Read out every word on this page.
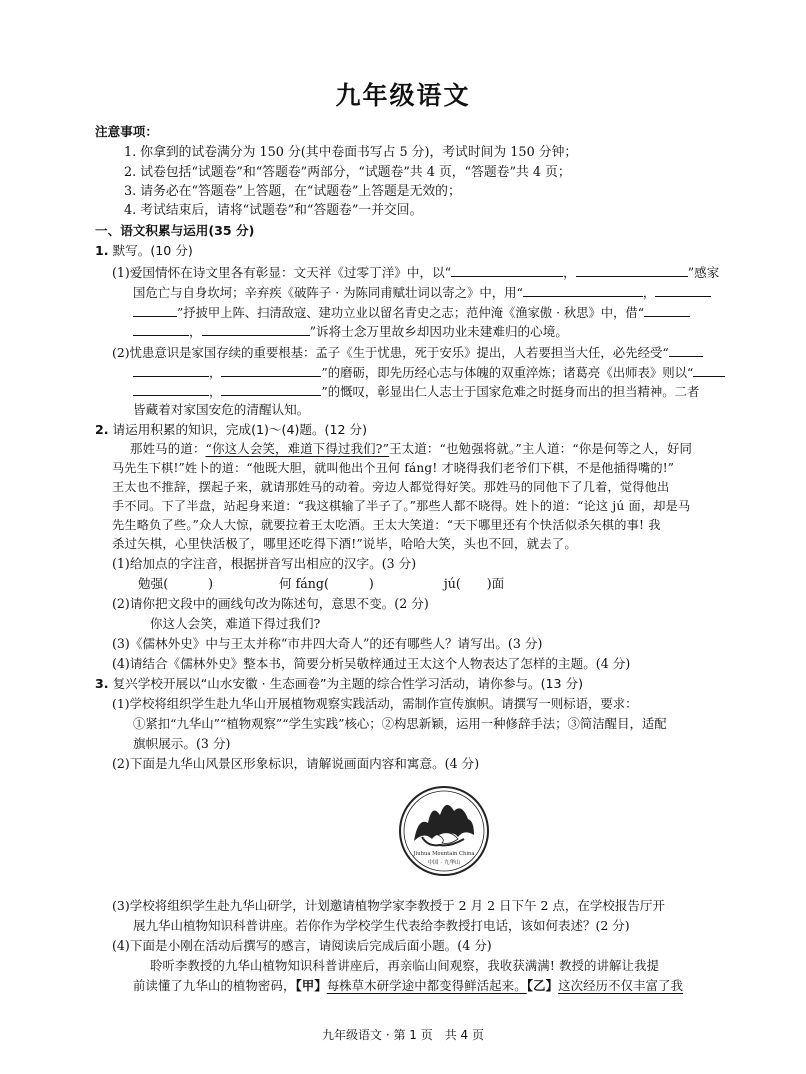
九年级语文
注意事项：
1. 你拿到的试卷满分为 150 分(其中卷面书写占 5 分)，考试时间为 150 分钟；
2. 试卷包括“试题卷”和“答题卷”两部分，“试题卷”共 4 页，“答题卷”共 4 页；
3. 请务必在“答题卷”上答题，在“试题卷”上答题是无效的；
4. 考试结束后，请将“试题卷”和“答题卷”一并交回。
一、语文积累与运用(35 分)
1. 默写。(10 分)
(1)爱国情怀在诗文里各有彰显：文天祥《过零丁洋》中，以“	，	”感家
国危亡与自身坎坷；辛弃疾《破阵子 · 为陈同甫赋壮词以寄之》中，用“	，
”抒披甲上阵、扫清敌寇、建功立业以留名青史之志；范仲淹《渔家傲 · 秋思》中，借“
，	”诉将士念万里故乡却因功业未建难归的心境。
(2)忧患意识是家国存续的重要根基：孟子《生于忧患，死于安乐》提出，人若要担当大任，必先经受“
，	”的磨砺，即先历经心志与体魄的双重淬炼；诸葛亮《出师表》则以“
，	”的慨叹，彰显出仁人志士于国家危难之时挺身而出的担当精神。二者
皆藏着对家国安危的清醒认知。
2. 请运用积累的知识，完成(1)～(4)题。(12 分)
那姓马的道：“你这人会笑，难道下得过我们?”王太道：“也勉强将就。”主人道：“你是何等之人，好同
马先生下棋!”姓卜的道：“他既大胆，就叫他出个丑何 fáng! 才晓得我们老爷们下棋，不是他插得嘴的!”
王太也不推辞，摆起子来，就请那姓马的动着。旁边人都觉得好笑。那姓马的同他下了几着，觉得他出
手不同。下了半盘，站起身来道：“我这棋输了半子了。”那些人都不晓得。姓卜的道：“论这 jú 面，却是马
先生略负了些。”众人大惊，就要拉着王太吃酒。王太大笑道：“天下哪里还有个快活似杀矢棋的事! 我
杀过矢棋，心里快活极了，哪里还吃得下酒!”说毕，哈哈大笑，头也不回，就去了。
(1)给加点的字注音，根据拼音写出相应的汉字。(3 分)
勉强(	)	何 fáng(	)	jú( )面
(2)请你把文段中的画线句改为陈述句，意思不变。(2 分)
你这人会笑，难道下得过我们?
(3)《儒林外史》中与王太并称“市井四大奇人”的还有哪些人？请写出。(3 分)
(4)请结合《儒林外史》整本书，简要分析吴敬梓通过王太这个人物表达了怎样的主题。(4 分)
3. 复兴学校开展以“山水安徽 · 生态画卷”为主题的综合性学习活动，请你参与。(13 分)
(1)学校将组织学生赴九华山开展植物观察实践活动，需制作宣传旗帜。请撰写一则标语，要求：
①紧扣“九华山”“植物观察”“学生实践”核心；②构思新颖，运用一种修辞手法；③简洁醒目，适配
旗帜展示。(3 分)
(2)下面是九华山风景区形象标识，请解说画面内容和寓意。(4 分)
Jiuhua Mountain China
中国 · 九华山
(3)学校将组织学生赴九华山研学，计划邀请植物学家李教授于 2 月 2 日下午 2 点，在学校报告厅开
展九华山植物知识科普讲座。若你作为学校学生代表给李教授打电话，该如何表述？(2 分)
(4)下面是小刚在活动后撰写的感言，请阅读后完成后面小题。(4 分)
聆听李教授的九华山植物知识科普讲座后，再亲临山间观察，我收获满满! 教授的讲解让我提
前读懂了九华山的植物密码，【甲】每株草木研学途中都变得鲜活起来。【乙】这次经历不仅丰富了我
九年级语文 · 第 1 页　共 4 页
